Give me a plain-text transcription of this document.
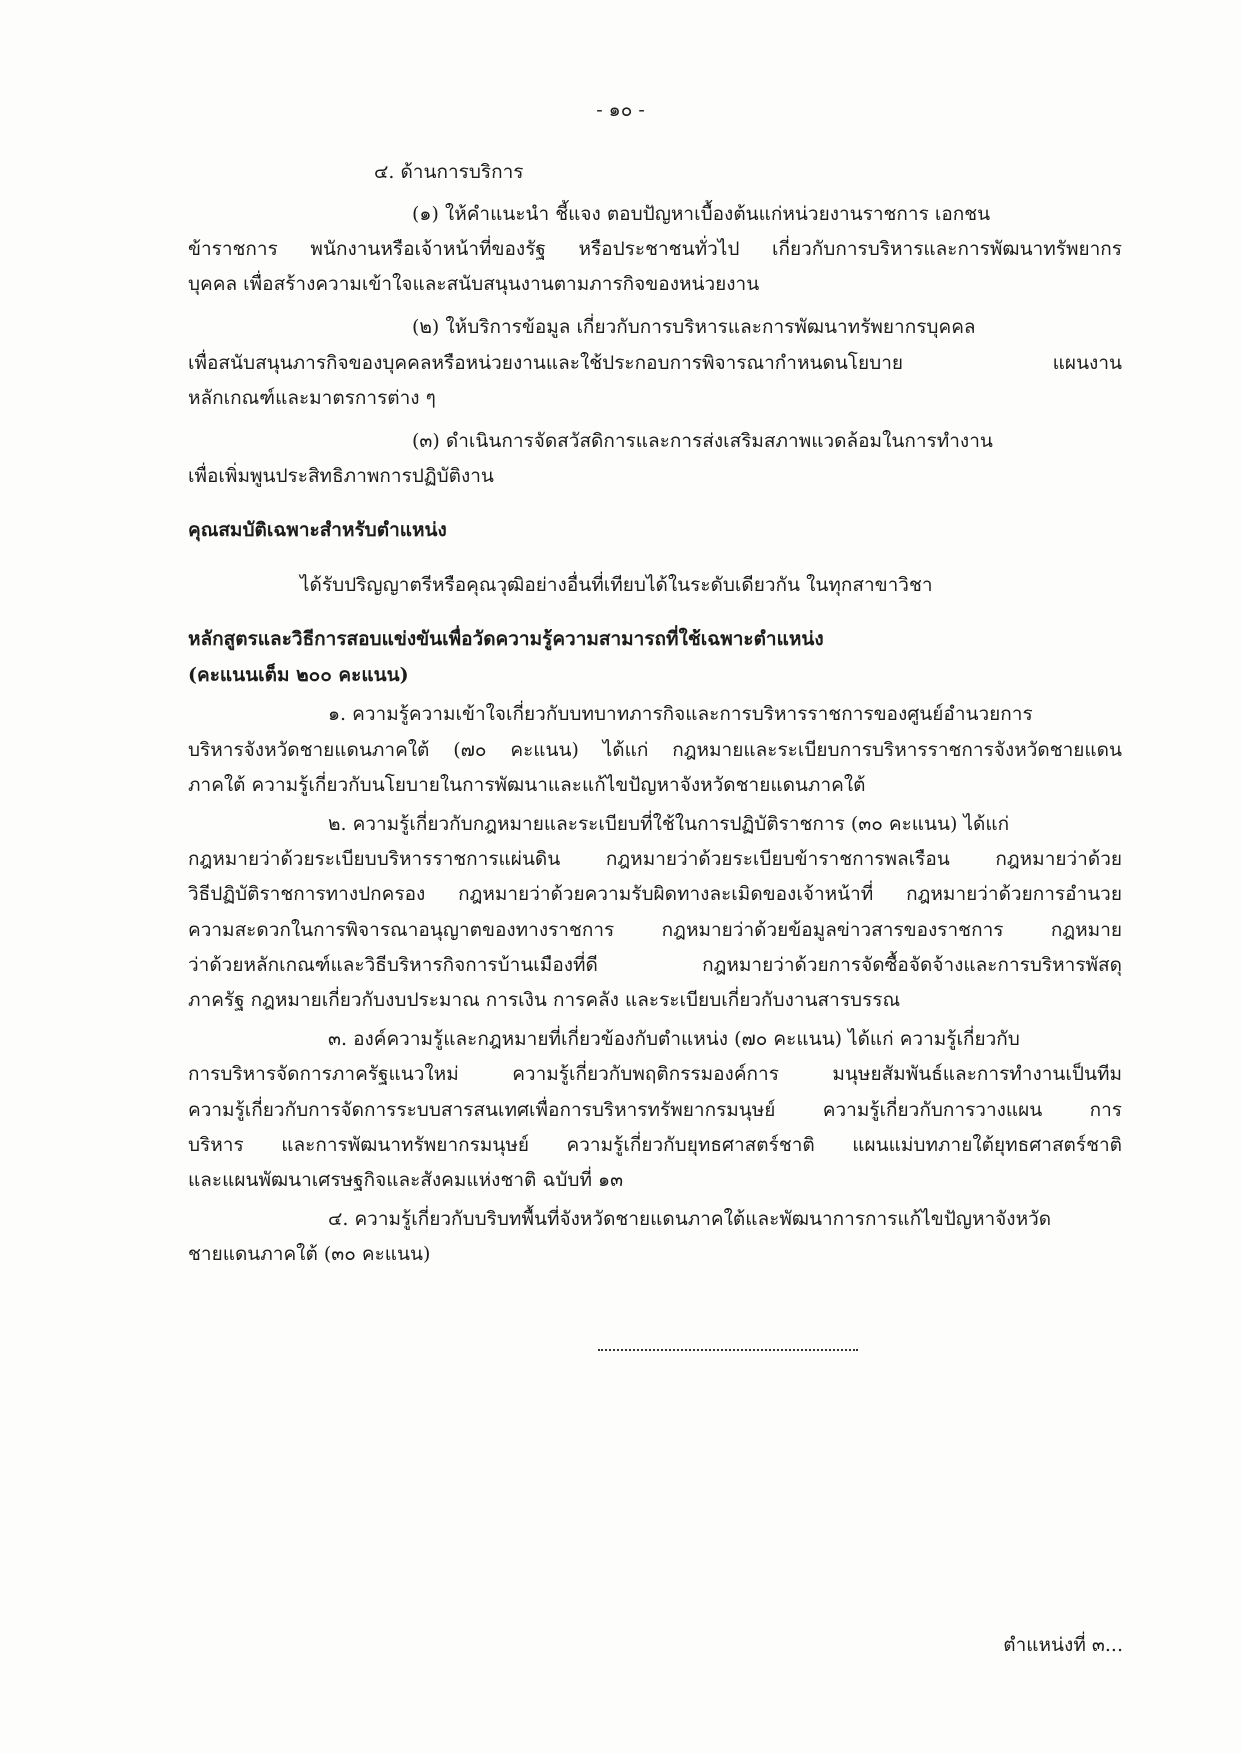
- ๑๐ -
๔. ด้านการบริการ
(๑) ให้คำแนะนำ ชี้แจง ตอบปัญหาเบื้องต้นแก่หน่วยงานราชการ เอกชน
ข้าราชการ พนักงานหรือเจ้าหน้าที่ของรัฐ หรือประชาชนทั่วไป เกี่ยวกับการบริหารและการพัฒนาทรัพยากร
บุคคล เพื่อสร้างความเข้าใจและสนับสนุนงานตามภารกิจของหน่วยงาน
(๒) ให้บริการข้อมูล เกี่ยวกับการบริหารและการพัฒนาทรัพยากรบุคคล
เพื่อสนับสนุนภารกิจของบุคคลหรือหน่วยงานและใช้ประกอบการพิจารณากำหนดนโยบาย แผนงาน
หลักเกณฑ์และมาตรการต่าง ๆ
(๓) ดำเนินการจัดสวัสดิการและการส่งเสริมสภาพแวดล้อมในการทำงาน
เพื่อเพิ่มพูนประสิทธิภาพการปฏิบัติงาน
คุณสมบัติเฉพาะสำหรับตำแหน่ง
ได้รับปริญญาตรีหรือคุณวุฒิอย่างอื่นที่เทียบได้ในระดับเดียวกัน ในทุกสาขาวิชา
หลักสูตรและวิธีการสอบแข่งขันเพื่อวัดความรู้ความสามารถที่ใช้เฉพาะตำแหน่ง
(คะแนนเต็ม ๒๐๐ คะแนน)
๑. ความรู้ความเข้าใจเกี่ยวกับบทบาทภารกิจและการบริหารราชการของศูนย์อำนวยการ
บริหารจังหวัดชายแดนภาคใต้ (๗๐ คะแนน) ได้แก่ กฎหมายและระเบียบการบริหารราชการจังหวัดชายแดน
ภาคใต้ ความรู้เกี่ยวกับนโยบายในการพัฒนาและแก้ไขปัญหาจังหวัดชายแดนภาคใต้
๒. ความรู้เกี่ยวกับกฎหมายและระเบียบที่ใช้ในการปฏิบัติราชการ (๓๐ คะแนน) ได้แก่
กฎหมายว่าด้วยระเบียบบริหารราชการแผ่นดิน กฎหมายว่าด้วยระเบียบข้าราชการพลเรือน กฎหมายว่าด้วย
วิธีปฏิบัติราชการทางปกครอง กฎหมายว่าด้วยความรับผิดทางละเมิดของเจ้าหน้าที่ กฎหมายว่าด้วยการอำนวย
ความสะดวกในการพิจารณาอนุญาตของทางราชการ กฎหมายว่าด้วยข้อมูลข่าวสารของราชการ กฎหมาย
ว่าด้วยหลักเกณฑ์และวิธีบริหารกิจการบ้านเมืองที่ดี กฎหมายว่าด้วยการจัดซื้อจัดจ้างและการบริหารพัสดุ
ภาครัฐ กฎหมายเกี่ยวกับงบประมาณ การเงิน การคลัง และระเบียบเกี่ยวกับงานสารบรรณ
๓. องค์ความรู้และกฎหมายที่เกี่ยวข้องกับตำแหน่ง (๗๐ คะแนน) ได้แก่ ความรู้เกี่ยวกับ
การบริหารจัดการภาครัฐแนวใหม่ ความรู้เกี่ยวกับพฤติกรรมองค์การ มนุษยสัมพันธ์และการทำงานเป็นทีม
ความรู้เกี่ยวกับการจัดการระบบสารสนเทศเพื่อการบริหารทรัพยากรมนุษย์ ความรู้เกี่ยวกับการวางแผน การ
บริหาร และการพัฒนาทรัพยากรมนุษย์ ความรู้เกี่ยวกับยุทธศาสตร์ชาติ แผนแม่บทภายใต้ยุทธศาสตร์ชาติ
และแผนพัฒนาเศรษฐกิจและสังคมแห่งชาติ ฉบับที่ ๑๓
๔. ความรู้เกี่ยวกับบริบทพื้นที่จังหวัดชายแดนภาคใต้และพัฒนาการการแก้ไขปัญหาจังหวัด
ชายแดนภาคใต้ (๓๐ คะแนน)
ตำแหน่งที่ ๓...
